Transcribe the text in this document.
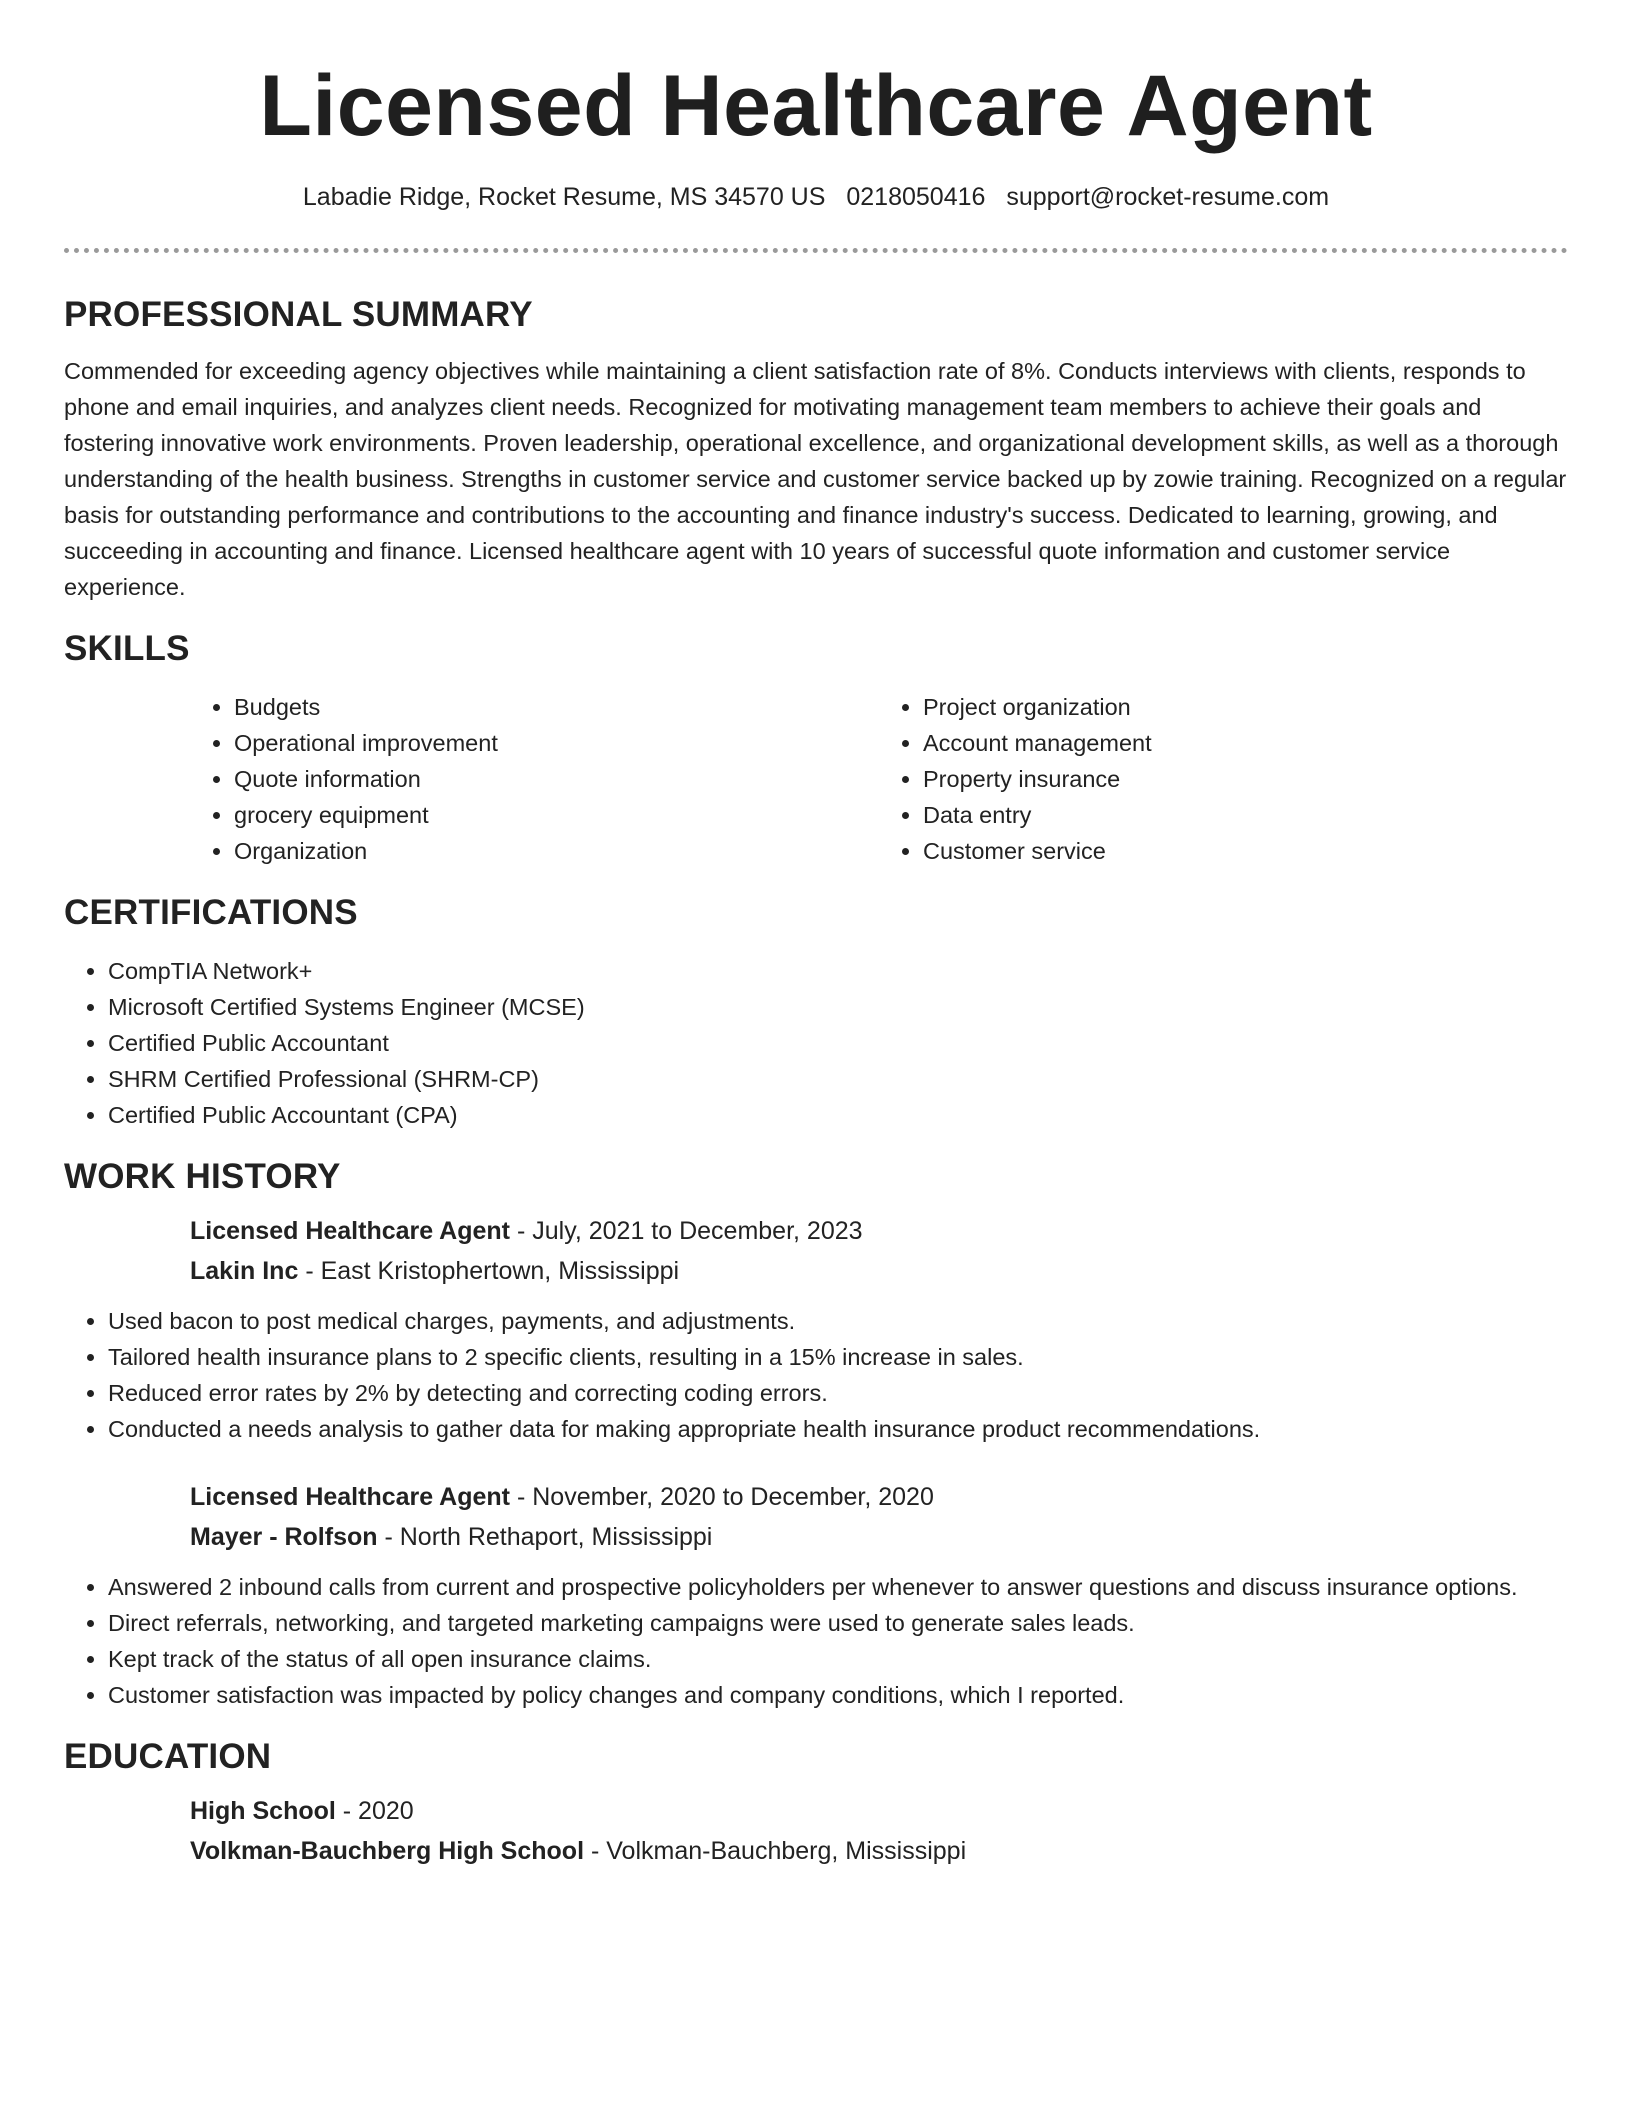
Licensed Healthcare Agent
Labadie Ridge, Rocket Resume, MS 34570 US 0218050416 support@rocket-resume.com
PROFESSIONAL SUMMARY

Commended for exceeding agency objectives while maintaining a client satisfaction rate of 8%. Conducts interviews with clients, responds to phone and email inquiries, and analyzes client needs. Recognized for motivating management team members to achieve their goals and fostering innovative work environments. Proven leadership, operational excellence, and organizational development skills, as well as a thorough understanding of the health business. Strengths in customer service and customer service backed up by zowie training. Recognized on a regular basis for outstanding performance and contributions to the accounting and finance industry's success. Dedicated to learning, growing, and succeeding in accounting and finance. Licensed healthcare agent with 10 years of successful quote information and customer service experience.

SKILLS
• Budgets
• Operational improvement
• Quote information
• grocery equipment
• Organization
• Project organization
• Account management
• Property insurance
• Data entry
• Customer service
CERTIFICATIONS
• CompTIA Network+
• Microsoft Certified Systems Engineer (MCSE)
• Certified Public Accountant
• SHRM Certified Professional (SHRM-CP)
• Certified Public Accountant (CPA)
WORK HISTORY
Licensed Healthcare Agent - July, 2021 to December, 2023
Lakin Inc - East Kristophertown, Mississippi
• Used bacon to post medical charges, payments, and adjustments.
• Tailored health insurance plans to 2 specific clients, resulting in a 15% increase in sales.
• Reduced error rates by 2% by detecting and correcting coding errors.
• Conducted a needs analysis to gather data for making appropriate health insurance product recommendations.
Licensed Healthcare Agent - November, 2020 to December, 2020
Mayer - Rolfson - North Rethaport, Mississippi
• Answered 2 inbound calls from current and prospective policyholders per whenever to answer questions and discuss insurance options.
• Direct referrals, networking, and targeted marketing campaigns were used to generate sales leads.
• Kept track of the status of all open insurance claims.
• Customer satisfaction was impacted by policy changes and company conditions, which I reported.
EDUCATION
High School - 2020
Volkman-Bauchberg High School - Volkman-Bauchberg, Mississippi
